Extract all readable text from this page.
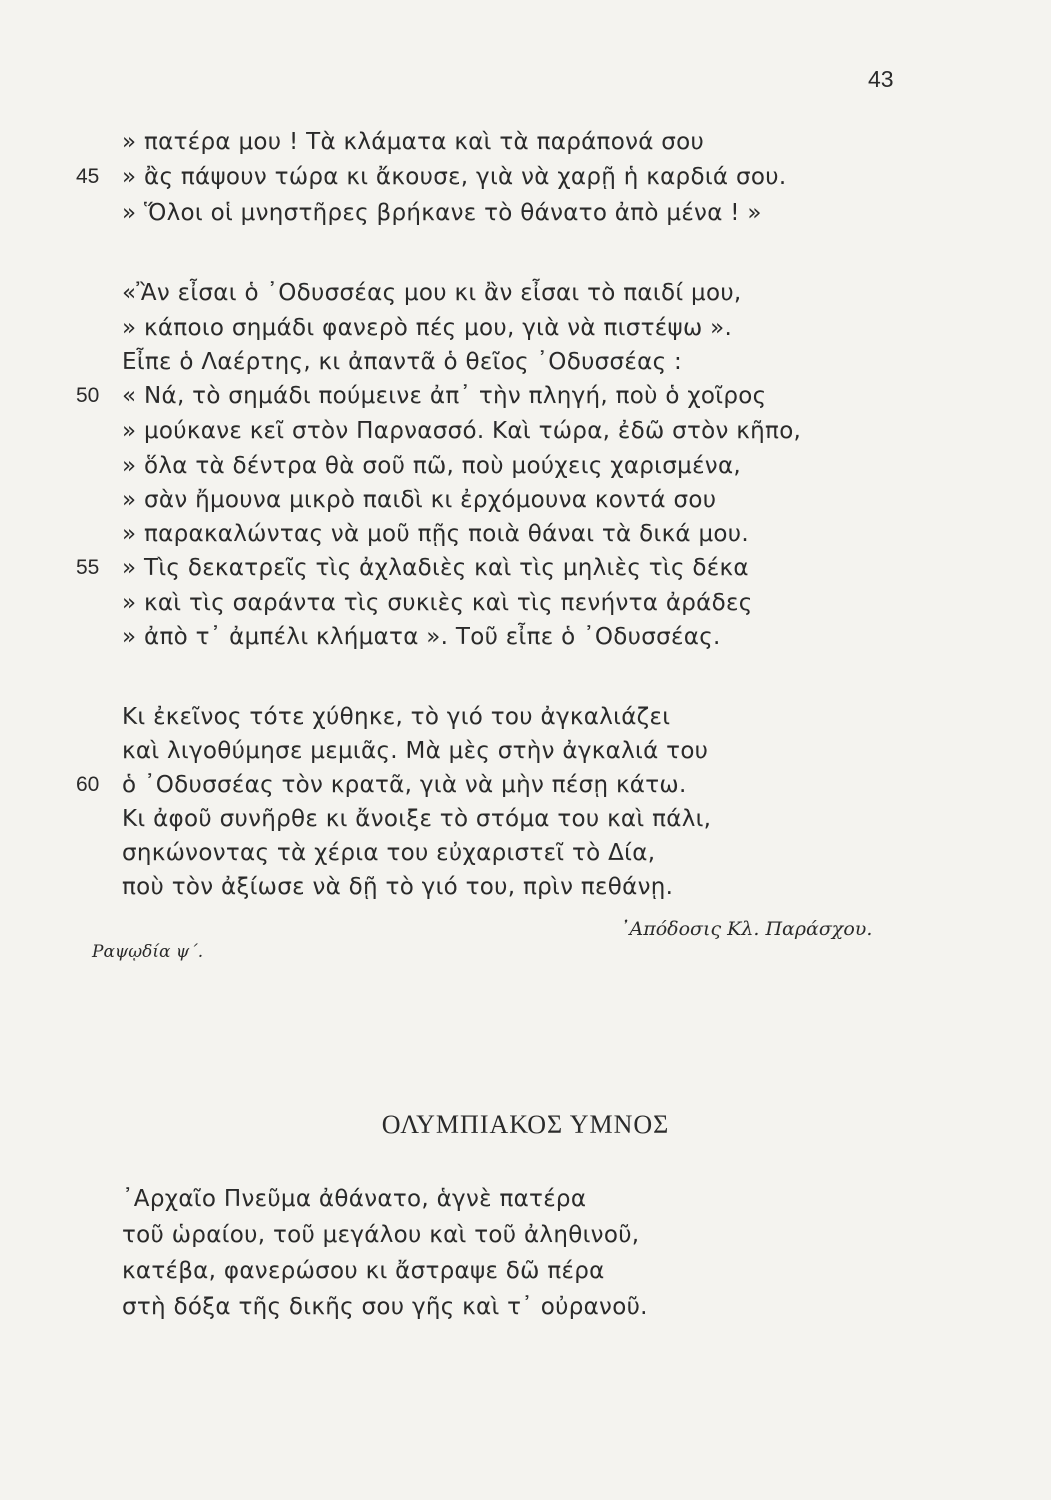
43
45
» πατέρα μου ! Τὰ κλάματα καὶ τὰ παράπονά σου
» ἂς πάψουν τώρα κι ἄκουσε, γιὰ νὰ χαρῇ ἡ καρδιά σου.
» Ὅλοι οἱ μνηστῆρες βρήκανε τὸ θάνατο ἀπὸ μένα ! »
«Ἂν εἶσαι ὁ ᾿Οδυσσέας μου κι ἂν εἶσαι τὸ παιδί μου,
» κάποιο σημάδι φανερὸ πές μου, γιὰ νὰ πιστέψω ».
Εἶπε ὁ Λαέρτης, κι ἀπαντᾶ ὁ θεῖος ᾿Οδυσσέας :
50 « Νά, τὸ σημάδι πούμεινε ἀπ᾿ τὴν πληγή, ποὺ ὁ χοῖρος
» μούκανε κεῖ στὸν Παρνασσό. Καὶ τώρα, ἐδῶ στὸν κῆπο,
» ὅλα τὰ δέντρα θὰ σοῦ πῶ, ποὺ μούχεις χαρισμένα,
» σὰν ἤμουνα μικρὸ παιδὶ κι ἐρχόμουνα κοντά σου
» παρακαλώντας νὰ μοῦ πῇς ποιὰ θάναι τὰ δικά μου.
55 » Τὶς δεκατρεῖς τὶς ἀχλαδιὲς καὶ τὶς μηλιὲς τὶς δέκα
» καὶ τὶς σαράντα τὶς συκιὲς καὶ τὶς πενήντα ἀράδες
» ἀπὸ τ᾿ ἀμπέλι κλήματα ». Τοῦ εἶπε ὁ ᾿Οδυσσέας.
Κι ἐκεῖνος τότε χύθηκε, τὸ γιό του ἀγκαλιάζει
καὶ λιγοθύμησε μεμιᾶς. Μὰ μὲς στὴν ἀγκαλιά του
60 ὁ ᾿Οδυσσέας τὸν κρατᾶ, γιὰ νὰ μὴν πέσῃ κάτω.
Κι ἀφοῦ συνῆρθε κι ἄνοιξε τὸ στόμα του καὶ πάλι,
σηκώνοντας τὰ χέρια του εὐχαριστεῖ τὸ Δία,
ποὺ τὸν ἀξίωσε νὰ δῇ τὸ γιό του, πρὶν πεθάνῃ.
᾿Απόδοσις Κλ. Παράσχου.
Ραψῳδία ψ΄.
ΟΛΥΜΠΙΑΚΟΣ ΥΜΝΟΣ
᾿Αρχαῖο Πνεῦμα ἀθάνατο, ἁγνὲ πατέρα
τοῦ ὡραίου, τοῦ μεγάλου καὶ τοῦ ἀληθινοῦ,
κατέβα, φανερώσου κι ἄστραψε δῶ πέρα
στὴ δόξα τῆς δικῆς σου γῆς καὶ τ᾿ οὐρανοῦ.
